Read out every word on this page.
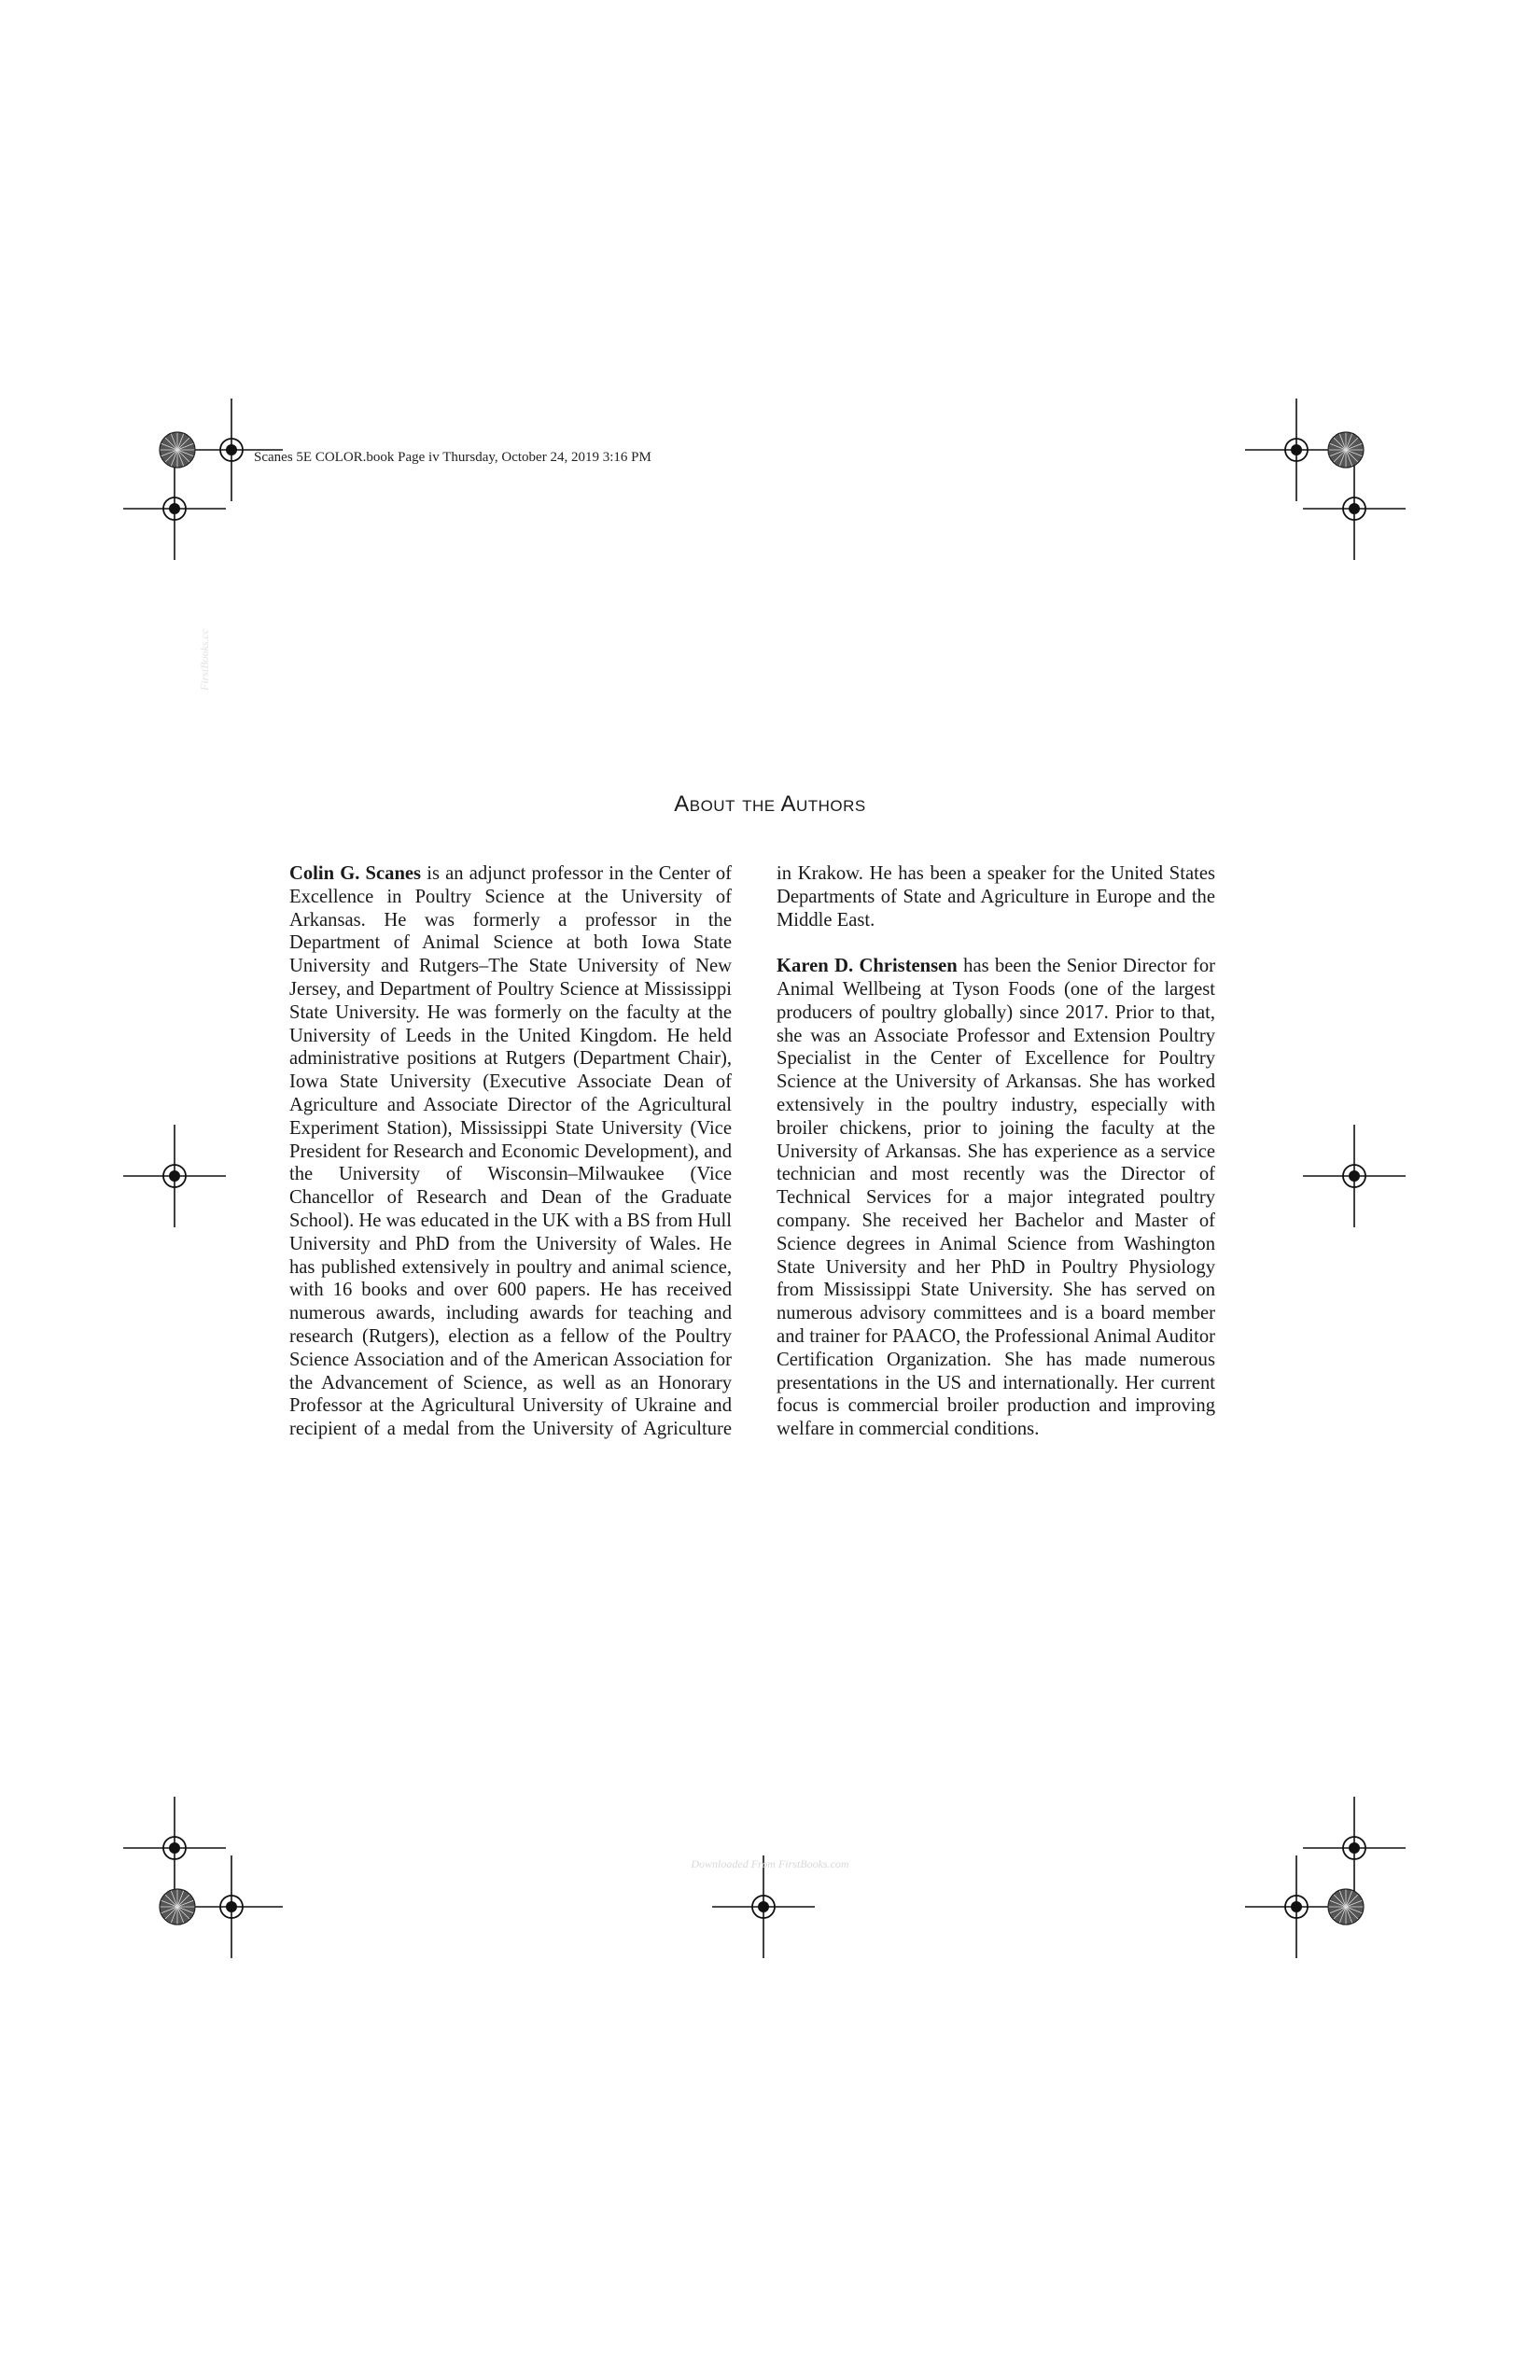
Scanes 5E COLOR.book Page iv Thursday, October 24, 2019 3:16 PM
FirstBooks.cc
About the Authors

Colin G. Scanes is an adjunct professor in the Center of Excellence in Poultry Science at the University of Arkansas. He was formerly a professor in the Department of Animal Science at both Iowa State University and Rutgers–The State University of New Jersey, and Department of Poultry Science at Mississippi State University. He was formerly on the faculty at the University of Leeds in the United Kingdom. He held administrative positions at Rutgers (Department Chair), Iowa State University (Executive Associate Dean of Agriculture and Associate Director of the Agricultural Experiment Station), Mississippi State University (Vice President for Research and Economic Development), and the University of Wisconsin–Milwaukee (Vice Chancellor of Research and Dean of the Graduate School). He was educated in the UK with a BS from Hull University and PhD from the University of Wales. He has published extensively in poultry and animal science, with 16 books and over 600 papers. He has received numerous awards, including awards for teaching and research (Rutgers), election as a fellow of the Poultry Science Association and of the American Association for the Advancement of Science, as well as an Honorary Professor at the Agricultural University of Ukraine and recipient of a medal from the University of Agriculture

in Krakow. He has been a speaker for the United States Departments of State and Agriculture in Europe and the Middle East.

Karen D. Christensen has been the Senior Director for Animal Wellbeing at Tyson Foods (one of the largest producers of poultry globally) since 2017. Prior to that, she was an Associate Professor and Extension Poultry Specialist in the Center of Excellence for Poultry Science at the University of Arkansas. She has worked extensively in the poultry industry, especially with broiler chickens, prior to joining the faculty at the University of Arkansas. She has experience as a service technician and most recently was the Director of Technical Services for a major integrated poultry company. She received her Bachelor and Master of Science degrees in Animal Science from Washington State University and her PhD in Poultry Physiology from Mississippi State University. She has served on numerous advisory committees and is a board member and trainer for PAACO, the Professional Animal Auditor Certification Organization. She has made numerous presentations in the US and internationally. Her current focus is commercial broiler production and improving welfare in commercial conditions.

Downloaded From FirstBooks.com
